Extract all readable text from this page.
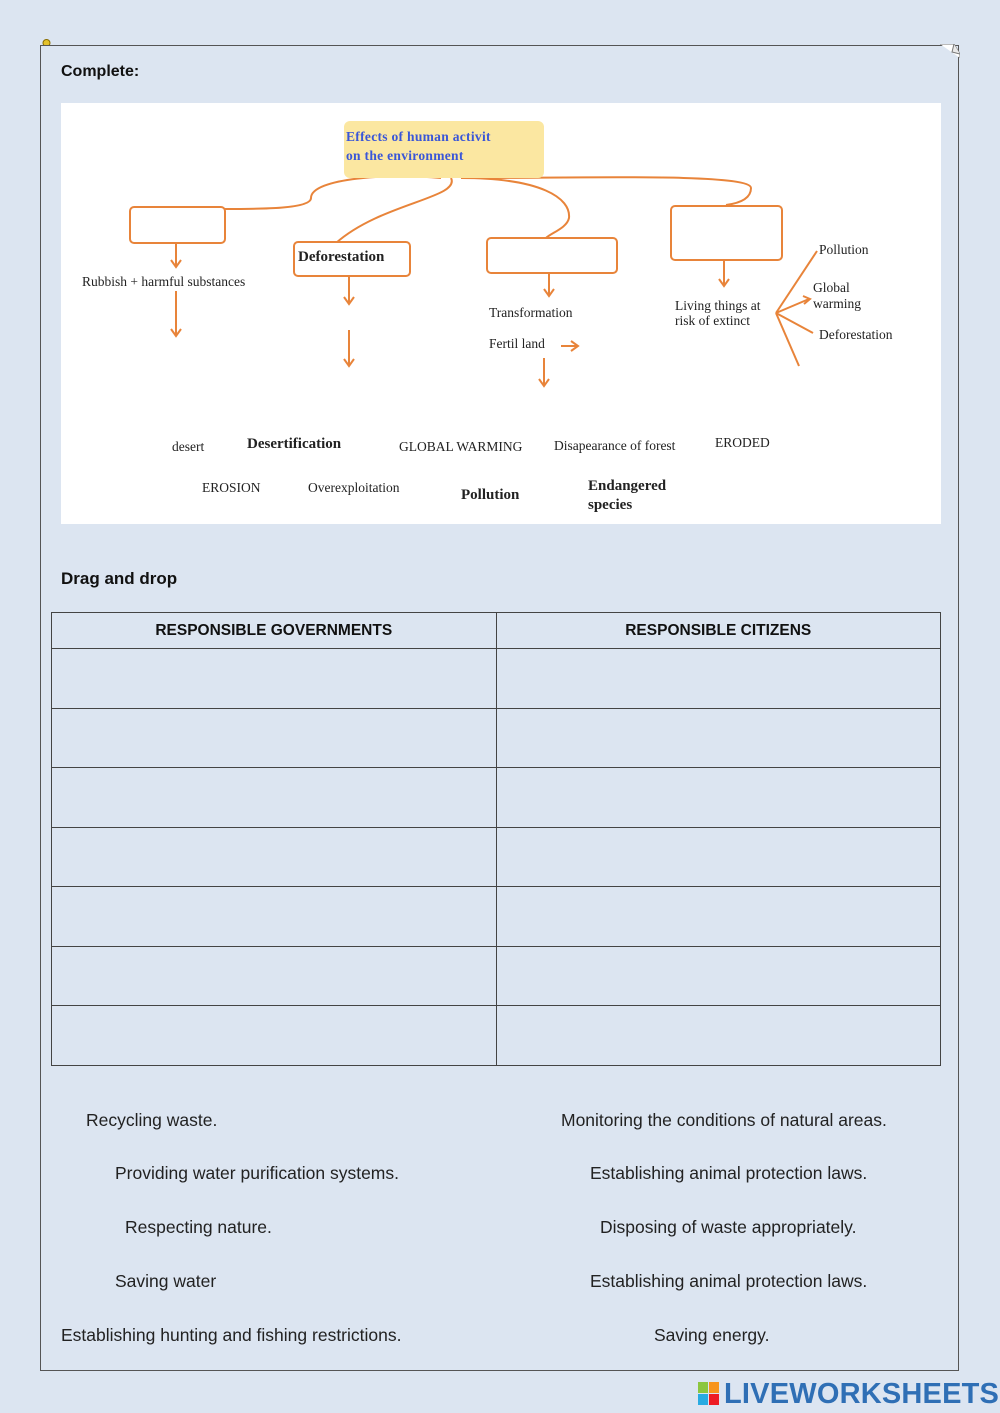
Complete:
Effects of human activit
on the environment
Deforestation
Rubbish + harmful substances
Transformation
Fertil land
Living things at
risk of extinct
Pollution
Global
warming
Deforestation
desert	Desertification	GLOBAL WARMING Disapearance of forest	ERODED
EROSION	Overexploitation	Pollution
Endangered
species
Drag and drop
RESPONSIBLE GOVERNMENTS	RESPONSIBLE CITIZENS

Recycling waste.
Providing water purification systems.
Respecting nature.
Saving water
Establishing hunting and fishing restrictions.
Monitoring the conditions of natural areas.
Establishing animal protection laws.
Disposing of waste appropriately.
Establishing animal protection laws.
Saving energy.
LIVEWORKSHEETS
